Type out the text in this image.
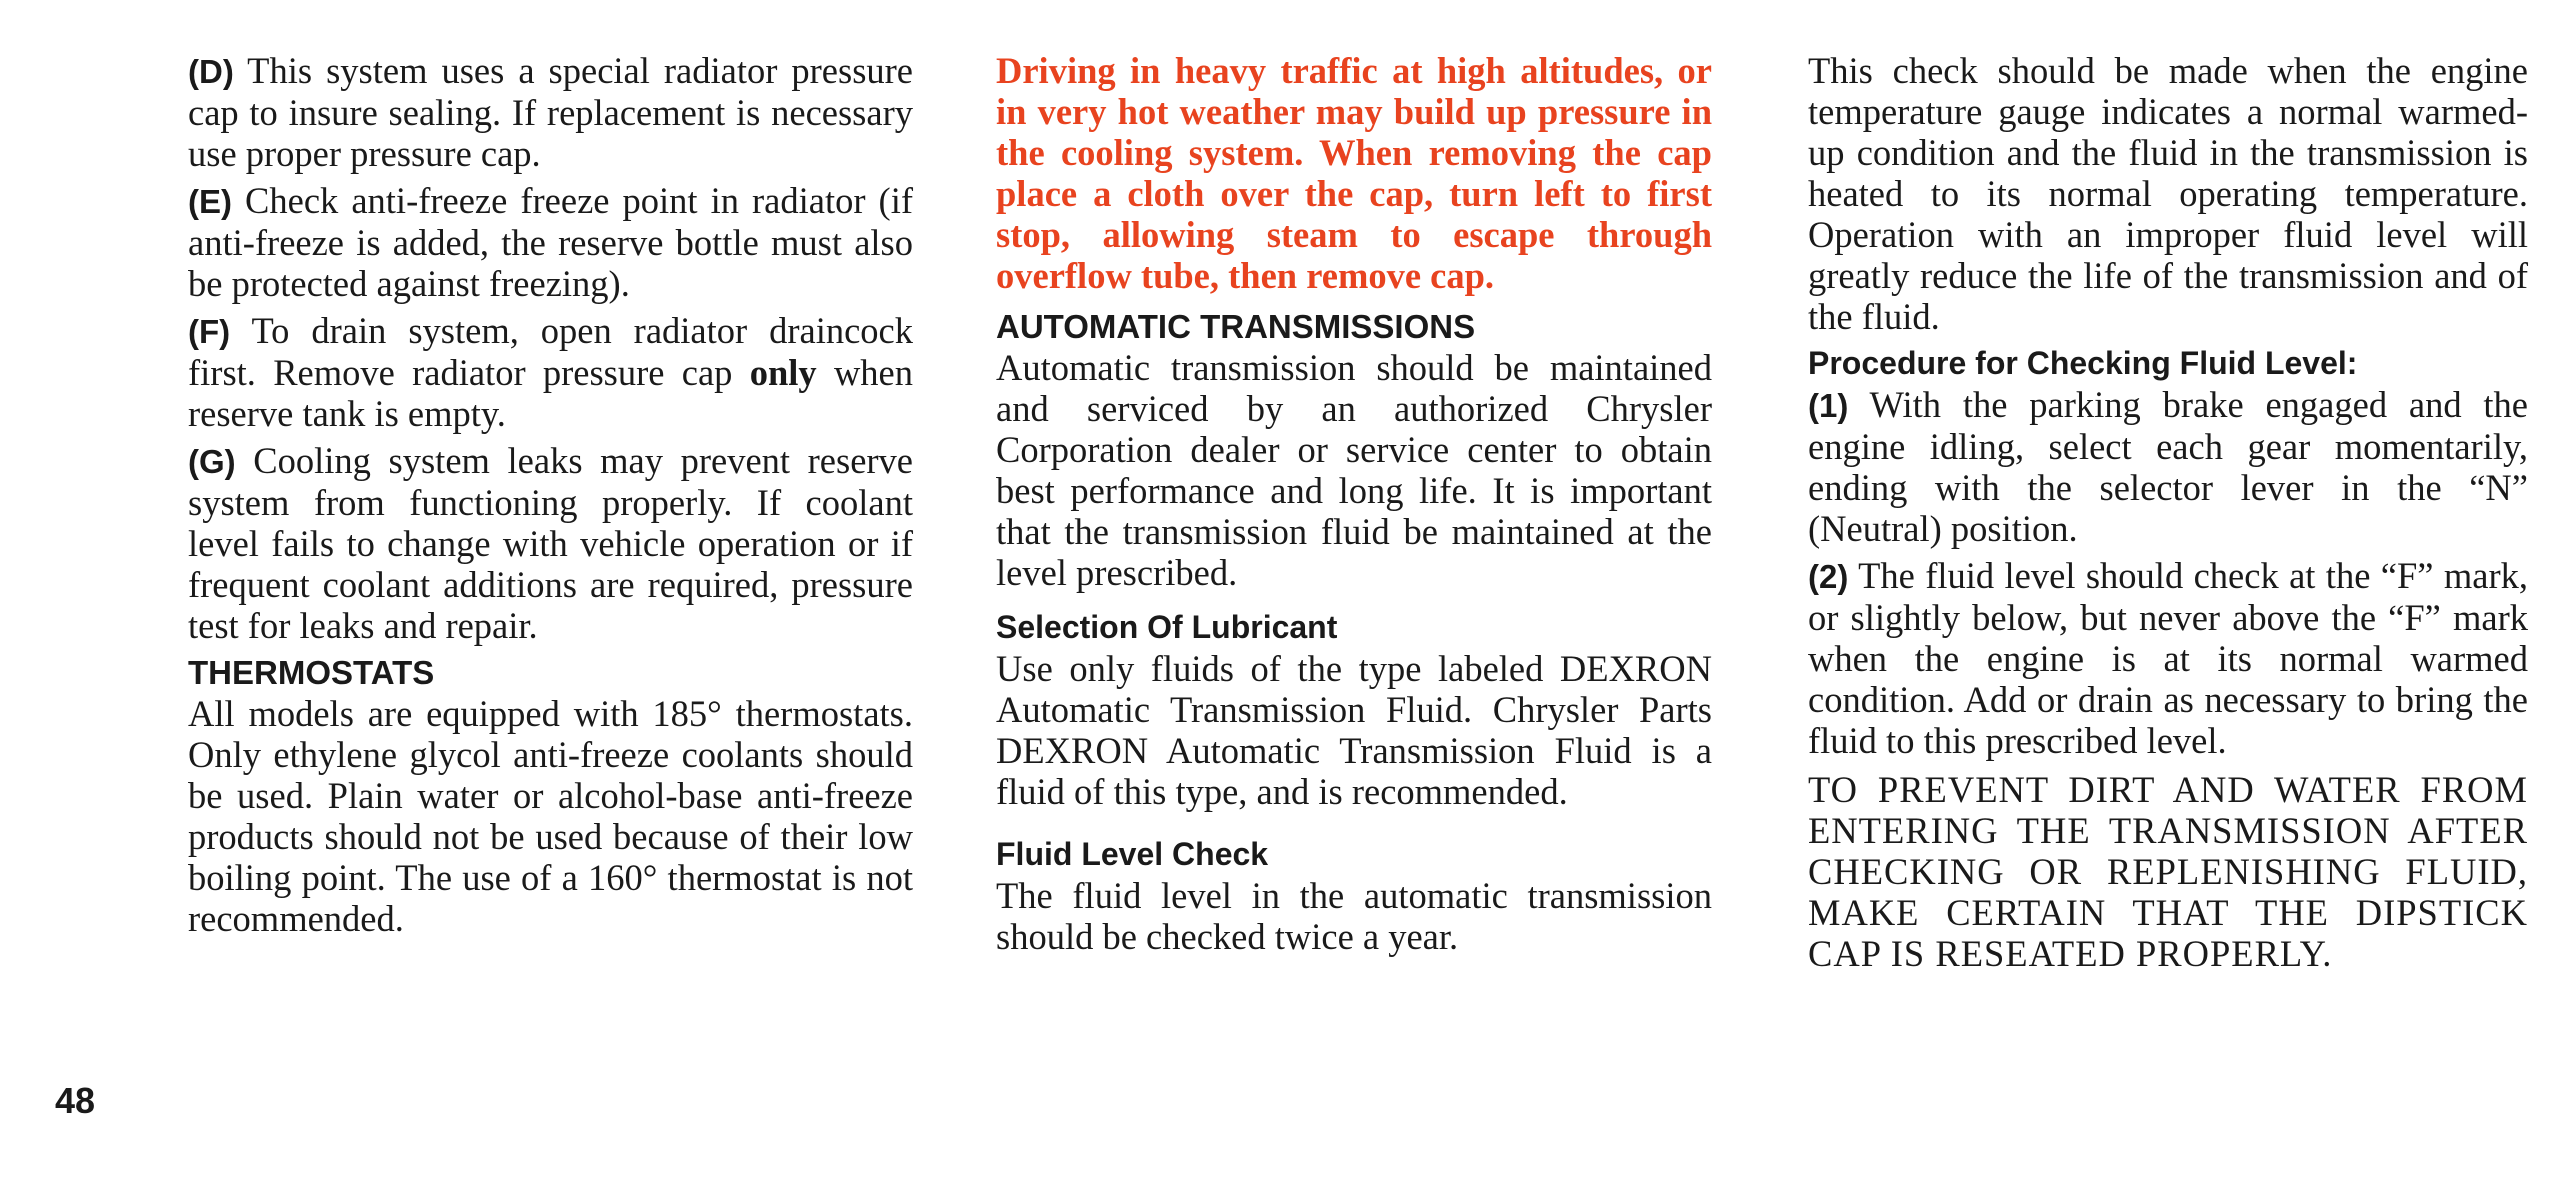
48

(D) This system uses a special radiator pressure cap to insure sealing. If replacement is necessary use proper pressure cap.

(E) Check anti-freeze freeze point in radiator (if anti-freeze is added, the reserve bottle must also be protected against freezing).

(F) To drain system, open radiator draincock first. Remove radiator pressure cap only when reserve tank is empty.

(G) Cooling system leaks may prevent reserve system from functioning properly. If coolant level fails to change with vehicle operation or if frequent coolant additions are required, pressure test for leaks and repair.

THERMOSTATS

All models are equipped with 185° thermostats. Only ethylene glycol anti-freeze coolants should be used. Plain water or alcohol-base anti-freeze products should not be used because of their low boiling point. The use of a 160° thermostat is not recommended.

Driving in heavy traffic at high altitudes, or in very hot weather may build up pressure in the cooling system. When removing the cap place a cloth over the cap, turn left to first stop, allowing steam to escape through overflow tube, then remove cap.

AUTOMATIC TRANSMISSIONS

Automatic transmission should be maintained and serviced by an authorized Chrysler Corporation dealer or service center to obtain best performance and long life. It is important that the transmission fluid be maintained at the level prescribed.

Selection Of Lubricant

Use only fluids of the type labeled DEXRON Automatic Transmission Fluid. Chrysler Parts DEXRON Automatic Transmission Fluid is a fluid of this type, and is recommended.

Fluid Level Check

The fluid level in the automatic transmission should be checked twice a year.

This check should be made when the engine temperature gauge indicates a normal warmed-up condition and the fluid in the transmission is heated to its normal operating temperature. Operation with an improper fluid level will greatly reduce the life of the transmission and of the fluid.

Procedure for Checking Fluid Level:

(1) With the parking brake engaged and the engine idling, select each gear momentarily, ending with the selector lever in the “N” (Neutral) position.

(2) The fluid level should check at the “F” mark, or slightly below, but never above the “F” mark when the engine is at its normal warmed condition. Add or drain as necessary to bring the fluid to this prescribed level.

TO PREVENT DIRT AND WATER FROM ENTERING THE TRANSMISSION AFTER CHECKING OR REPLENISHING FLUID, MAKE CERTAIN THAT THE DIPSTICK CAP IS RESEATED PROPERLY.
